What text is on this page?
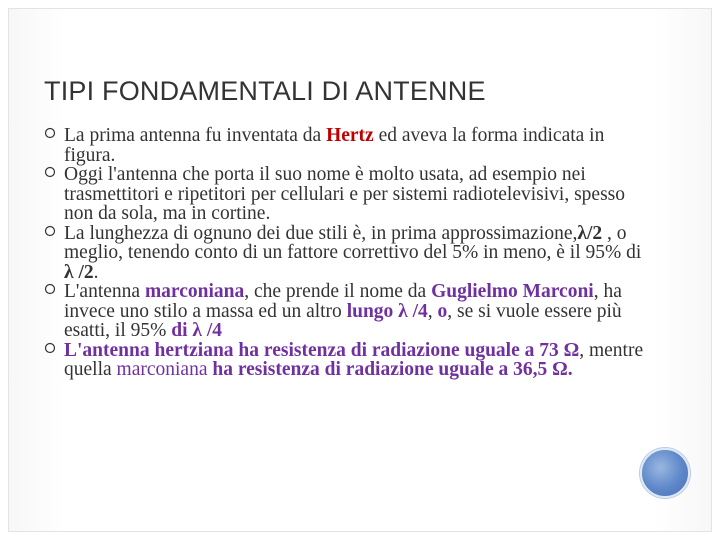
TIPI FONDAMENTALI DI ANTENNE
La prima antenna fu inventata da Hertz ed aveva la forma indicata in figura.
Oggi l'antenna che porta il suo nome è molto usata, ad esempio nei trasmettitori e ripetitori per cellulari e per sistemi radiotelevisivi, spesso non da sola, ma in cortine.
La lunghezza di ognuno dei due stili è, in prima approssimazione,λ/2 , o meglio, tenendo conto di un fattore correttivo del 5% in meno, è il 95% di λ /2.
L'antenna marconiana, che prende il nome da Guglielmo Marconi, ha invece uno stilo a massa ed un altro lungo λ /4, o, se si vuole essere più esatti, il 95% di λ /4
L'antenna hertziana ha resistenza di radiazione uguale a 73 Ω, mentre quella marconiana ha resistenza di radiazione uguale a 36,5 Ω.
